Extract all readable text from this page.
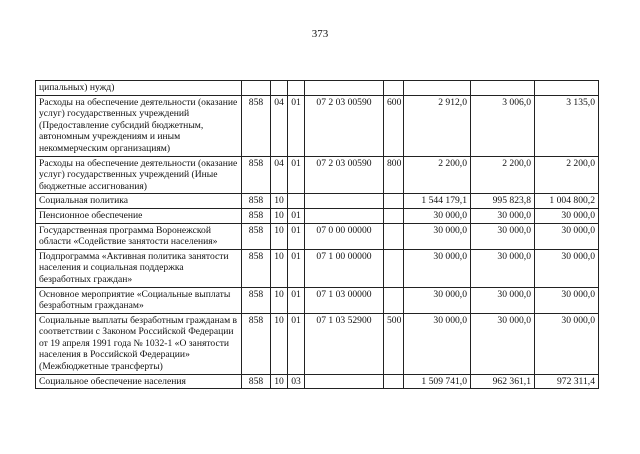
373
ципальных) нужд)								
Расходы на обеспечение деятельности (оказание услуг) государственных учреждений (Предоставление субсидий бюджетным, автономным учреждениям и иным некоммерческим организациям)	858	04	01	07 2 03 00590	600	2 912,0	3 006,0	3 135,0
Расходы на обеспечение деятельности (оказание услуг) государственных учреждений (Иные бюджетные ассигнования)	858	04	01	07 2 03 00590	800	2 200,0	2 200,0	2 200,0
Социальная политика	858	10				1 544 179,1	995 823,8	1 004 800,2
Пенсионное обеспечение	858	10	01			30 000,0	30 000,0	30 000,0
Государственная программа Воронежской области «Содействие занятости населения»	858	10	01	07 0 00 00000		30 000,0	30 000,0	30 000,0
Подпрограмма «Активная политика занятости населения и социальная поддержка безработных граждан»	858	10	01	07 1 00 00000		30 000,0	30 000,0	30 000,0
Основное мероприятие «Социальные выплаты безработным гражданам»	858	10	01	07 1 03 00000		30 000,0	30 000,0	30 000,0
Социальные выплаты безработным гражданам в соответствии с Законом Российской Федерации от 19 апреля 1991 года № 1032-1 «О занятости населения в Российской Федерации» (Межбюджетные трансферты)	858	10	01	07 1 03 52900	500	30 000,0	30 000,0	30 000,0
Социальное обеспечение населения	858	10	03			1 509 741,0	962 361,1	972 311,4
